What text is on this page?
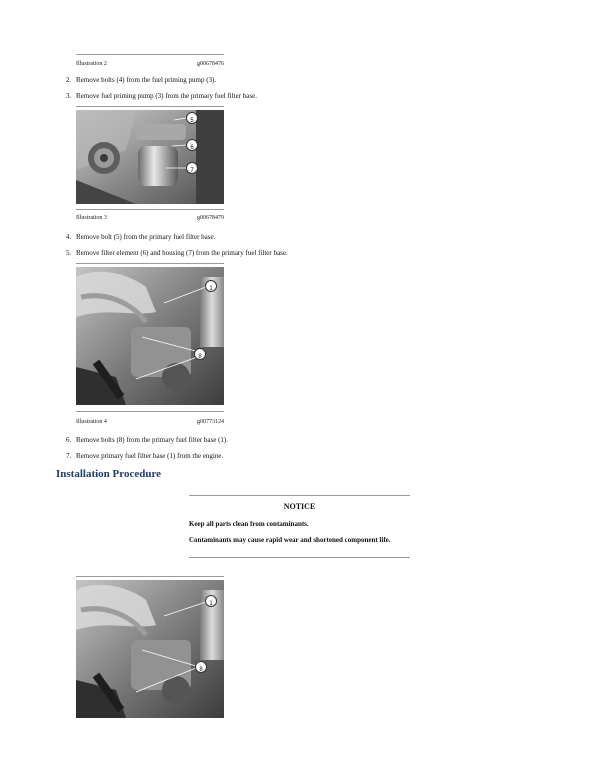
Illustration 2	g00678476
2. Remove bolts (4) from the fuel priming pump (3).
3. Remove fuel priming pump (3) from the primary fuel filter base.
5
6
7
Illustration 3	g00678479
4. Remove bolt (5) from the primary fuel filter base.
5. Remove filter element (6) and housing (7) from the primary fuel filter base.
1
8
Illustration 4	g00773124
6. Remove bolts (8) from the primary fuel filter base (1).
7. Remove primary fuel filter base (1) from the engine.
Installation Procedure
NOTICE
Keep all parts clean from contaminants.
Contaminants may cause rapid wear and shortened component life.
1
8
